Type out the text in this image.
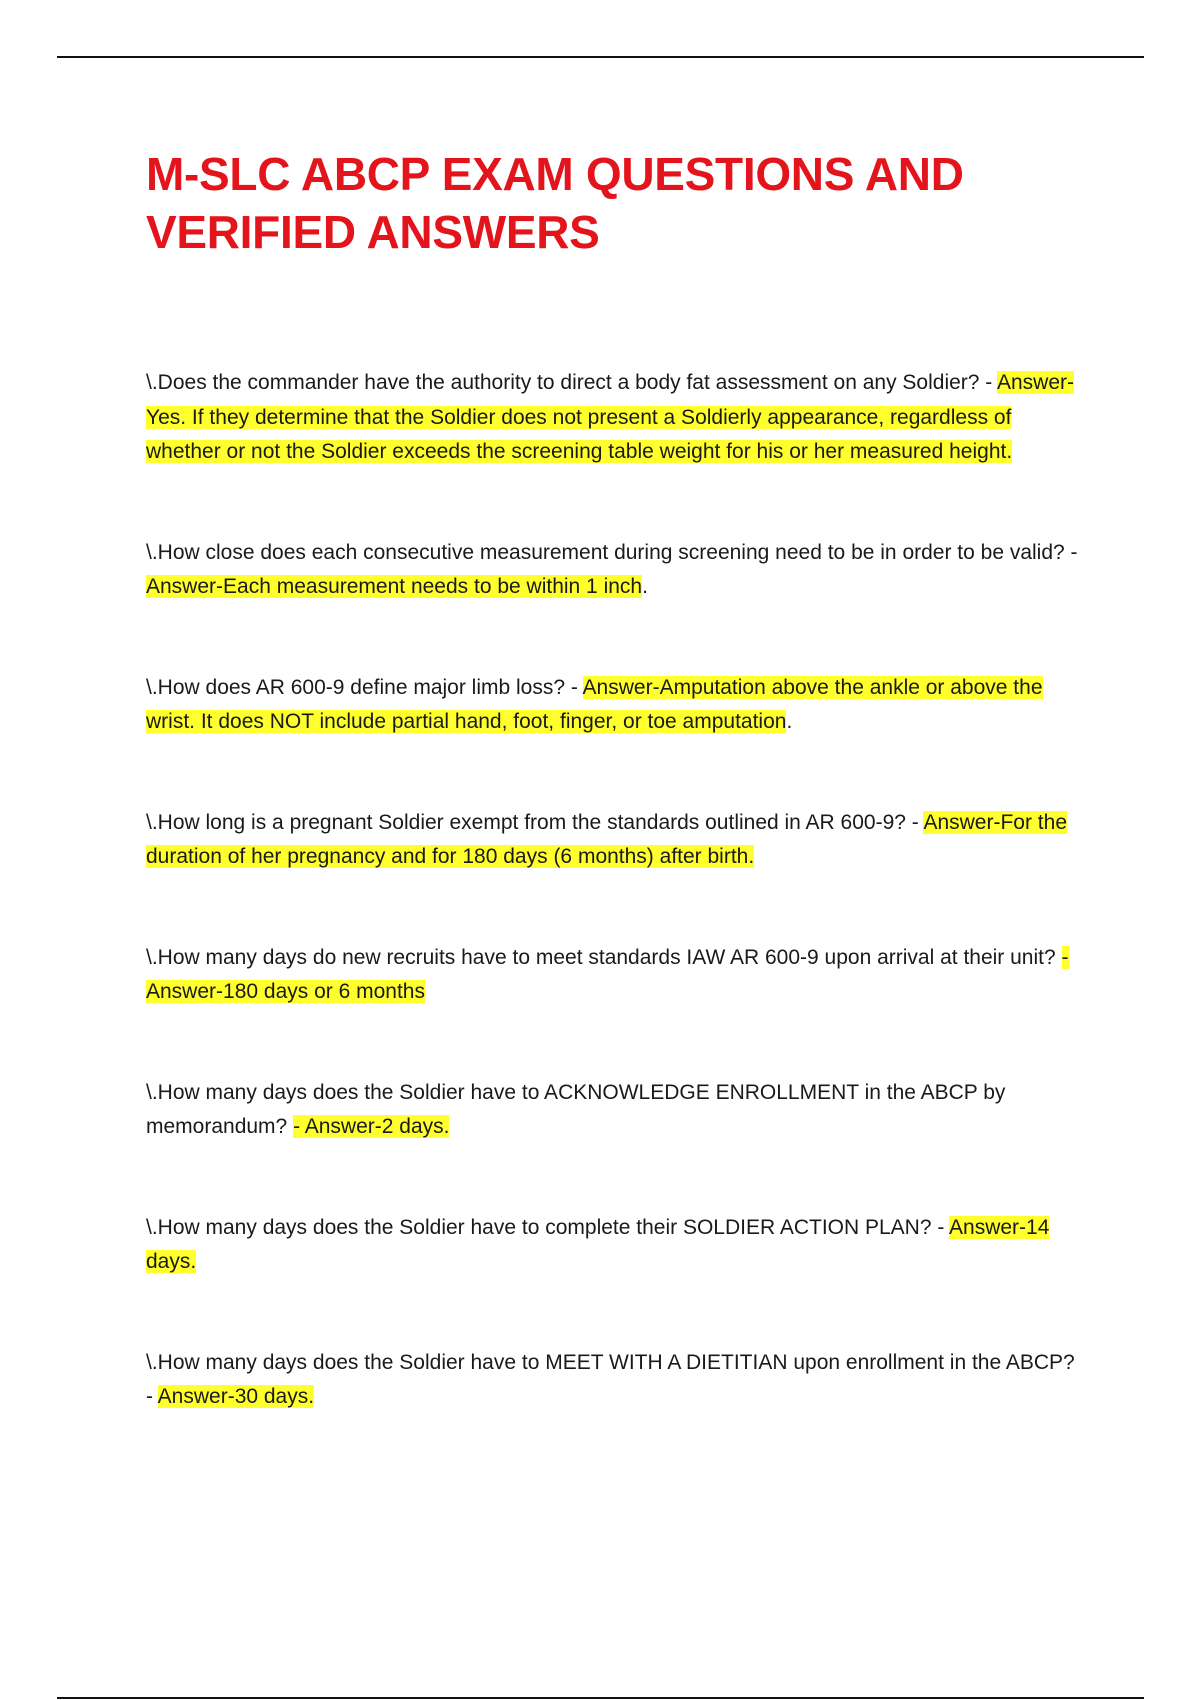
M-SLC ABCP EXAM QUESTIONS AND VERIFIED ANSWERS

\.Does the commander have the authority to direct a body fat assessment on any Soldier? - Answer-Yes. If they determine that the Soldier does not present a Soldierly appearance, regardless of whether or not the Soldier exceeds the screening table weight for his or her measured height.

\.How close does each consecutive measurement during screening need to be in order to be valid? - Answer-Each measurement needs to be within 1 inch.

\.How does AR 600-9 define major limb loss? - Answer-Amputation above the ankle or above the wrist. It does NOT include partial hand, foot, finger, or toe amputation.

\.How long is a pregnant Soldier exempt from the standards outlined in AR 600-9? - Answer-For the duration of her pregnancy and for 180 days (6 months) after birth.

\.How many days do new recruits have to meet standards IAW AR 600-9 upon arrival at their unit? - Answer-180 days or 6 months

\.How many days does the Soldier have to ACKNOWLEDGE ENROLLMENT in the ABCP by memorandum? - Answer-2 days.

\.How many days does the Soldier have to complete their SOLDIER ACTION PLAN? - Answer-14 days.

\.How many days does the Soldier have to MEET WITH A DIETITIAN upon enrollment in the ABCP? - Answer-30 days.
